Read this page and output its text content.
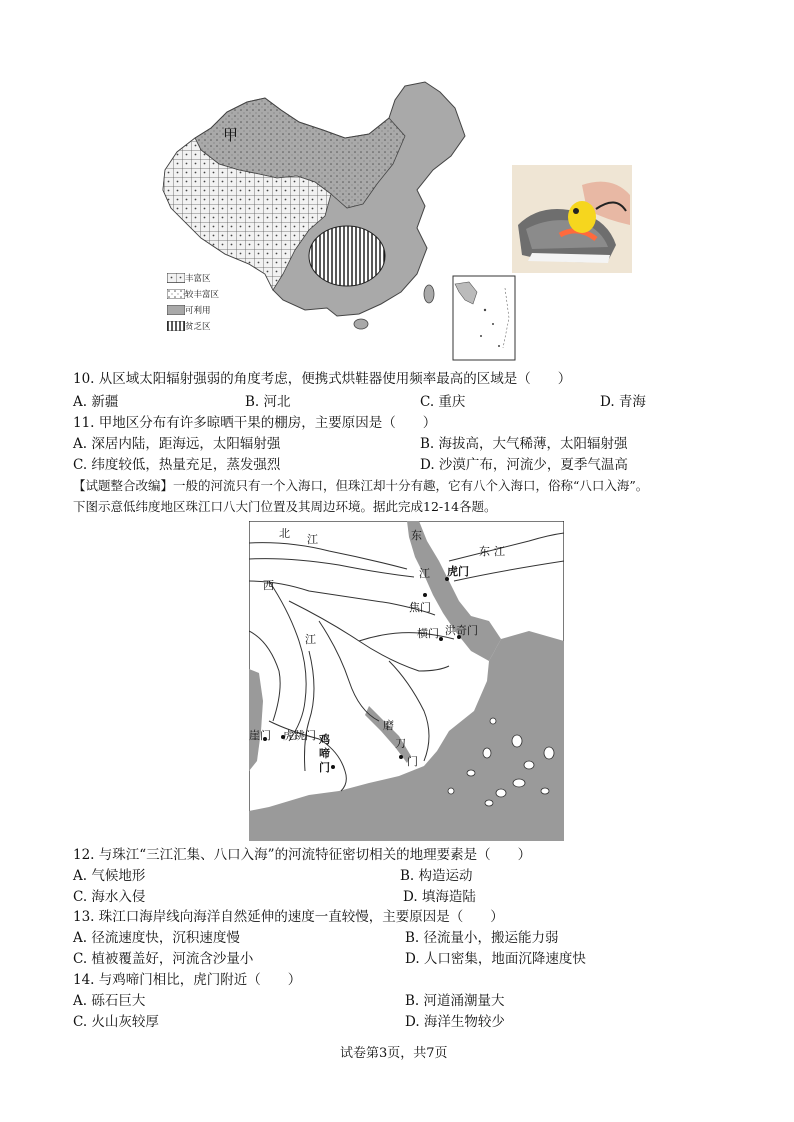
甲
丰富区
较丰富区
可利用
贫乏区
10. 从区域太阳辐射强弱的角度考虑，便携式烘鞋器使用频率最高的区域是（　　）
A. 新疆	B. 河北	C. 重庆	D. 青海
11. 甲地区分布有许多晾晒干果的棚房，主要原因是（　　）
A. 深居内陆，距海远，太阳辐射强	B. 海拔高，大气稀薄，太阳辐射强
C. 纬度较低，热量充足，蒸发强烈	D. 沙漠广布，河流少，夏季气温高
【试题整合改编】一般的河流只有一个入海口，但珠江却十分有趣，它有八个入海口，俗称“八口入海”。
下图示意低纬度地区珠江口八大门位置及其周边环境。据此完成12-14各题。
北 江	东
江
东 江
西
江
虎门
焦门
横门 洪奇门
磨
刀
门
崖门 虎跳门 鸡
啼
门
12. 与珠江“三江汇集、八口入海”的河流特征密切相关的地理要素是（　　）
A. 气候地形	B. 构造运动
C. 海水入侵	D. 填海造陆
13. 珠江口海岸线向海洋自然延伸的速度一直较慢，主要原因是（　　）
A. 径流速度快，沉积速度慢	B. 径流量小，搬运能力弱
C. 植被覆盖好，河流含沙量小	D. 人口密集，地面沉降速度快
14. 与鸡啼门相比，虎门附近（　　）
A. 砾石巨大	B. 河道涌潮量大
C. 火山灰较厚	D. 海洋生物较少
试卷第3页，共7页
